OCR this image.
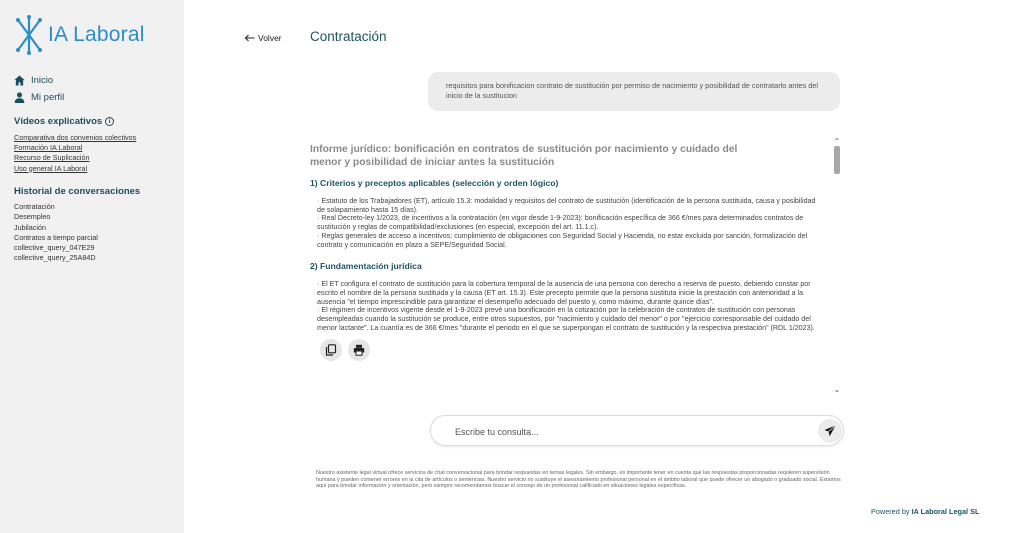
IA Laboral
Inicio
Mi perfil
Vídeos explicativos i
Comparativa dos convenios colectivos
Formación IA Laboral
Recurso de Suplicación
Uso general IA Laboral
Historial de conversaciones
Contratación
Desempleo
Jubilación
Contratos a tiempo parcial
collective_query_047E29
collective_query_25A84D
Volver Contratación
requisitos para bonificacion contrato de sustitución por permiso de nacimiento y posibilidad de contratarlo antes del inicio de la sustitucion
Informe jurídico: bonificación en contratos de sustitución por nacimiento y cuidado del menor y posibilidad de iniciar antes la sustitución
1) Criterios y preceptos aplicables (selección y orden lógico)

· Estatuto de los Trabajadores (ET), artículo 15.3: modalidad y requisitos del contrato de sustitución (identificación de la persona sustituida, causa y posibilidad de solapamiento hasta 15 días).

· Real Decreto-ley 1/2023, de incentivos a la contratación (en vigor desde 1-9-2023): bonificación específica de 366 €/mes para determinados contratos de sustitución y reglas de compatibilidad/exclusiones (en especial, excepción del art. 11.1.c).

· Reglas generales de acceso a incentivos: cumplimiento de obligaciones con Seguridad Social y Hacienda, no estar excluida por sanción, formalización del contrato y comunicación en plazo a SEPE/Seguridad Social.

2) Fundamentación jurídica

· El ET configura el contrato de sustitución para la cobertura temporal de la ausencia de una persona con derecho a reserva de puesto, debiendo constar por escrito el nombre de la persona sustituida y la causa (ET art. 15.3). Este precepto permite que la persona sustituta inicie la prestación con anterioridad a la ausencia "el tiempo imprescindible para garantizar el desempeño adecuado del puesto y, como máximo, durante quince días".

· El régimen de incentivos vigente desde el 1-9-2023 prevé una bonificación en la cotización por la celebración de contratos de sustitución con personas desempleadas cuando la sustitución se produce, entre otros supuestos, por "nacimiento y cuidado del menor" o por "ejercicio corresponsable del cuidado del menor lactante". La cuantía es de 366 €/mes "durante el periodo en el que se superpongan el contrato de sustitución y la respectiva prestación" (RDL 1/2023).

⌃
⌄
Escribe tu consulta...
Nuestro asistente legal virtual ofrece servicios de chat conversacional para brindar respuestas en temas legales. Sin embargo, es importante tener en cuenta que las respuestas proporcionadas requieren supervisión humana y pueden contener errores en la cita de artículos o sentencias. Nuestro servicio no sustituye el asesoramiento profesional personal en el ámbito laboral que puede ofrecer un abogado o graduado social. Estamos aquí para brindar información y orientación, pero siempre recomendamos buscar el consejo de un profesional calificado en situaciones legales específicas.
Powered by IA Laboral Legal SL
